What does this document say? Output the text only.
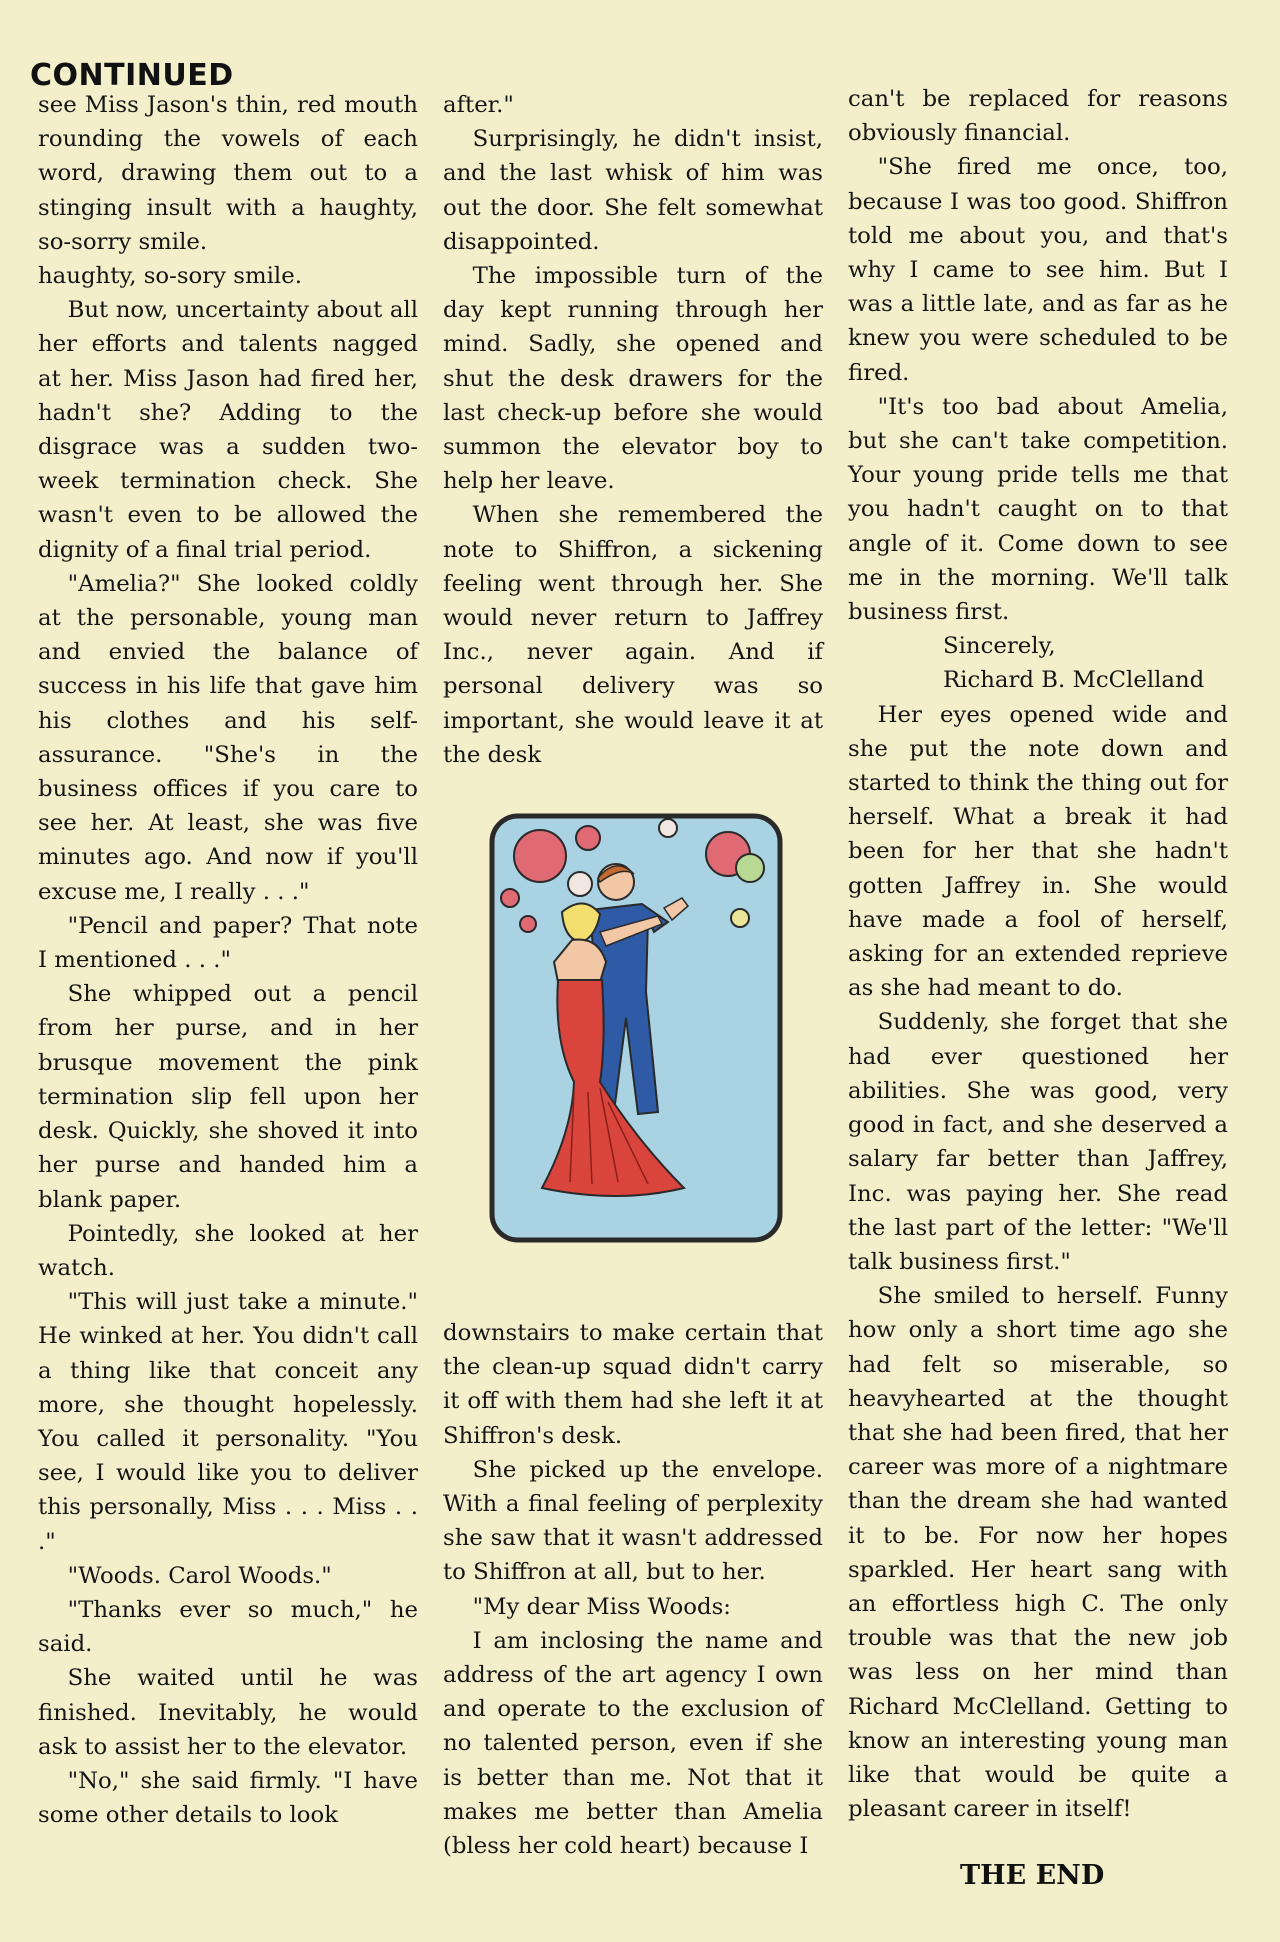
CONTINUED

see Miss Jason's thin, red mouth rounding the vowels of each word, drawing them out to a stinging insult with a haughty, so-sorry smile.

haughty, so-sory smile.

But now, uncertainty about all her efforts and talents nagged at her. Miss Jason had fired her, hadn't she? Adding to the disgrace was a sudden two-week termination check. She wasn't even to be allowed the dignity of a final trial period.

"Amelia?" She looked coldly at the personable, young man and envied the balance of success in his life that gave him his clothes and his self-assurance. "She's in the business offices if you care to see her. At least, she was five minutes ago. And now if you'll excuse me, I really . . ."

"Pencil and paper? That note I mentioned . . ."

She whipped out a pencil from her purse, and in her brusque movement the pink termination slip fell upon her desk. Quickly, she shoved it into her purse and handed him a blank paper.

Pointedly, she looked at her watch.

"This will just take a minute." He winked at her. You didn't call a thing like that conceit any more, she thought hopelessly. You called it personality. "You see, I would like you to deliver this personally, Miss . . . Miss . . ."

"Woods. Carol Woods."

"Thanks ever so much," he said.

She waited until he was finished. Inevitably, he would ask to assist her to the elevator.

"No," she said firmly. "I have some other details to look

after."

Surprisingly, he didn't insist, and the last whisk of him was out the door. She felt somewhat disappointed.

The impossible turn of the day kept running through her mind. Sadly, she opened and shut the desk drawers for the last check-up before she would summon the elevator boy to help her leave.

When she remembered the note to Shiffron, a sickening feeling went through her. She would never return to Jaffrey Inc., never again. And if personal delivery was so important, she would leave it at the desk

downstairs to make certain that the clean-up squad didn't carry it off with them had she left it at Shiffron's desk.

She picked up the envelope. With a final feeling of perplexity she saw that it wasn't addressed to Shiffron at all, but to her.

"My dear Miss Woods:

I am inclosing the name and address of the art agency I own and operate to the exclusion of no talented person, even if she is better than me. Not that it makes me better than Amelia (bless her cold heart) because I

can't be replaced for reasons obviously financial.

"She fired me once, too, because I was too good. Shiffron told me about you, and that's why I came to see him. But I was a little late, and as far as he knew you were scheduled to be fired.

"It's too bad about Amelia, but she can't take competition. Your young pride tells me that you hadn't caught on to that angle of it. Come down to see me in the morning. We'll talk business first.

Sincerely,

Richard B. McClelland

Her eyes opened wide and she put the note down and started to think the thing out for herself. What a break it had been for her that she hadn't gotten Jaffrey in. She would have made a fool of herself, asking for an extended reprieve as she had meant to do.

Suddenly, she forget that she had ever questioned her abilities. She was good, very good in fact, and she deserved a salary far better than Jaffrey, Inc. was paying her. She read the last part of the letter: "We'll talk business first."

She smiled to herself. Funny how only a short time ago she had felt so miserable, so heavyhearted at the thought that she had been fired, that her career was more of a nightmare than the dream she had wanted it to be. For now her hopes sparkled. Her heart sang with an effortless high C. The only trouble was that the new job was less on her mind than Richard McClelland. Getting to know an interesting young man like that would be quite a pleasant career in itself!

THE END
